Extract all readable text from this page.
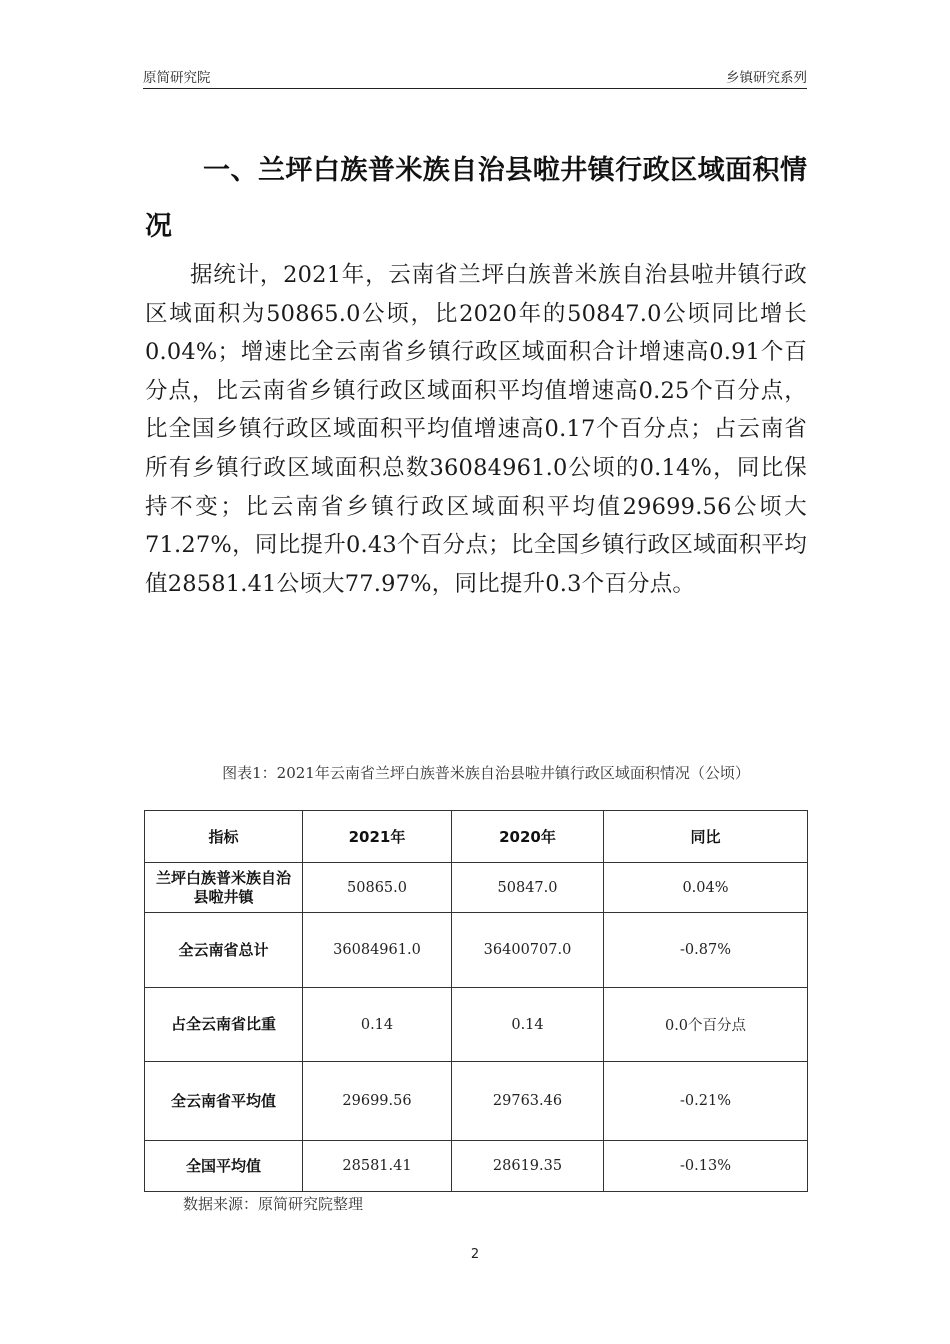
原简研究院	乡镇研究系列
一、兰坪白族普米族自治县啦井镇行政区域面积情况

据统计，2021年，云南省兰坪白族普米族自治县啦井镇行政区域面积为50865.0公顷，比2020年的50847.0公顷同比增长0.04%；增速比全云南省乡镇行政区域面积合计增速高0.91个百分点，比云南省乡镇行政区域面积平均值增速高0.25个百分点，比全国乡镇行政区域面积平均值增速高0.17个百分点；占云南省所有乡镇行政区域面积总数36084961.0公顷的0.14%，同比保持不变；比云南省乡镇行政区域面积平均值29699.56公顷大71.27%，同比提升0.43个百分点；比全国乡镇行政区域面积平均值28581.41公顷大77.97%，同比提升0.3个百分点。

图表1：2021年云南省兰坪白族普米族自治县啦井镇行政区域面积情况（公顷）

指标	2021年	2020年	同比
兰坪白族普米族自治县啦井镇	50865.0	50847.0	0.04%
全云南省总计	36084961.0	36400707.0	-0.87%
占全云南省比重	0.14	0.14	0.0个百分点
全云南省平均值	29699.56	29763.46	-0.21%
全国平均值	28581.41	28619.35	-0.13%
数据来源：原简研究院整理
2
